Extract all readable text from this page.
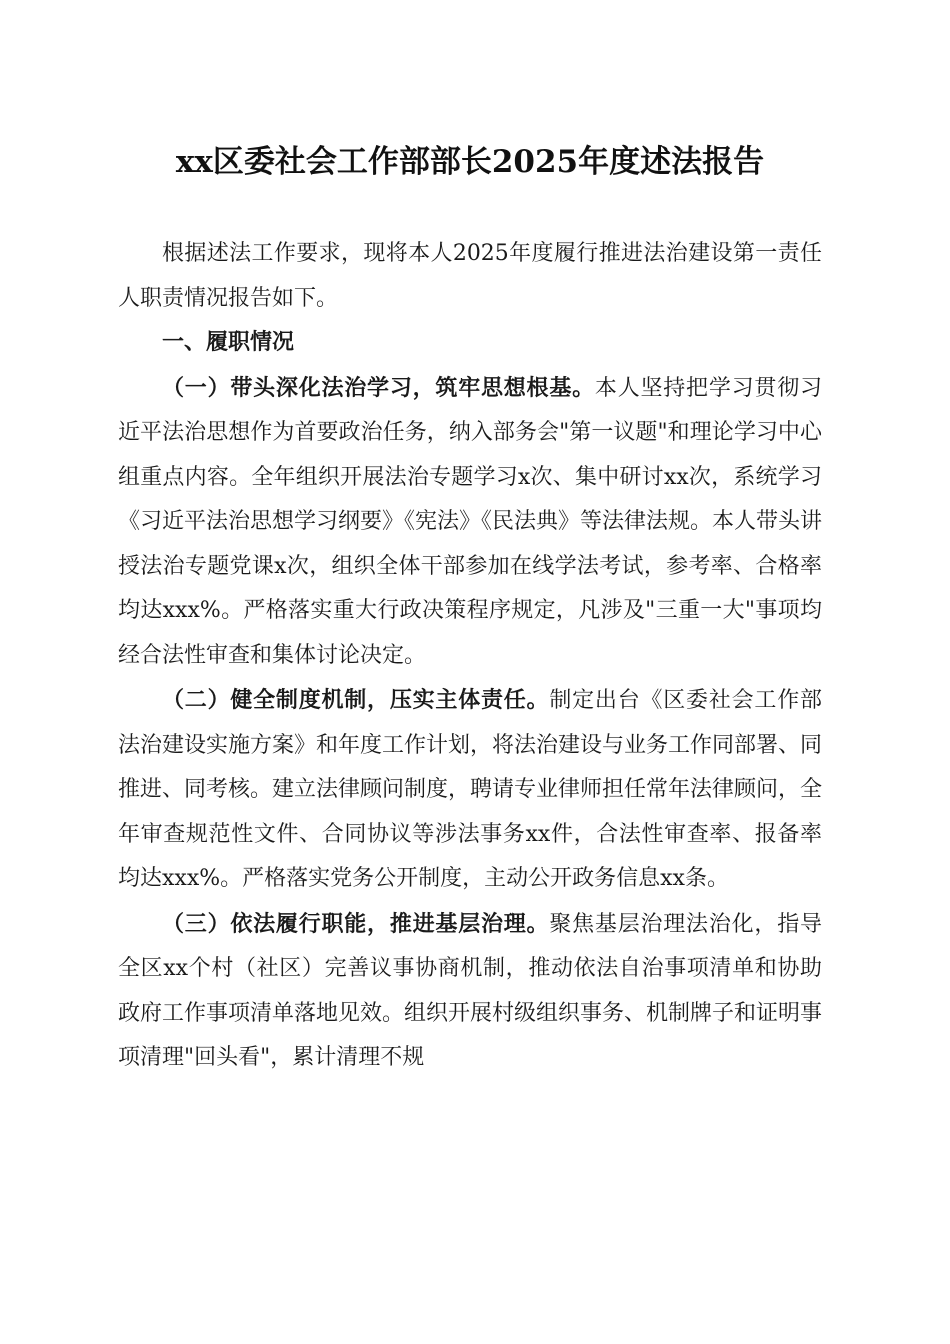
xx区委社会工作部部长2025年度述法报告

根据述法工作要求，现将本人2025年度履行推进法治建设第一责任人职责情况报告如下。

一、履职情况

（一）带头深化法治学习，筑牢思想根基。本人坚持把学习贯彻习近平法治思想作为首要政治任务，纳入部务会"第一议题"和理论学习中心组重点内容。全年组织开展法治专题学习x次、集中研讨xx次，系统学习《习近平法治思想学习纲要》《宪法》《民法典》等法律法规。本人带头讲授法治专题党课x次，组织全体干部参加在线学法考试，参考率、合格率均达xxx%。严格落实重大行政决策程序规定，凡涉及"三重一大"事项均经合法性审查和集体讨论决定。

（二）健全制度机制，压实主体责任。制定出台《区委社会工作部法治建设实施方案》和年度工作计划，将法治建设与业务工作同部署、同推进、同考核。建立法律顾问制度，聘请专业律师担任常年法律顾问，全年审查规范性文件、合同协议等涉法事务xx件，合法性审查率、报备率均达xxx%。严格落实党务公开制度，主动公开政务信息xx条。

（三）依法履行职能，推进基层治理。聚焦基层治理法治化，指导全区xx个村（社区）完善议事协商机制，推动依法自治事项清单和协助政府工作事项清单落地见效。组织开展村级组织事务、机制牌子和证明事项清理"回头看"，累计清理不规
